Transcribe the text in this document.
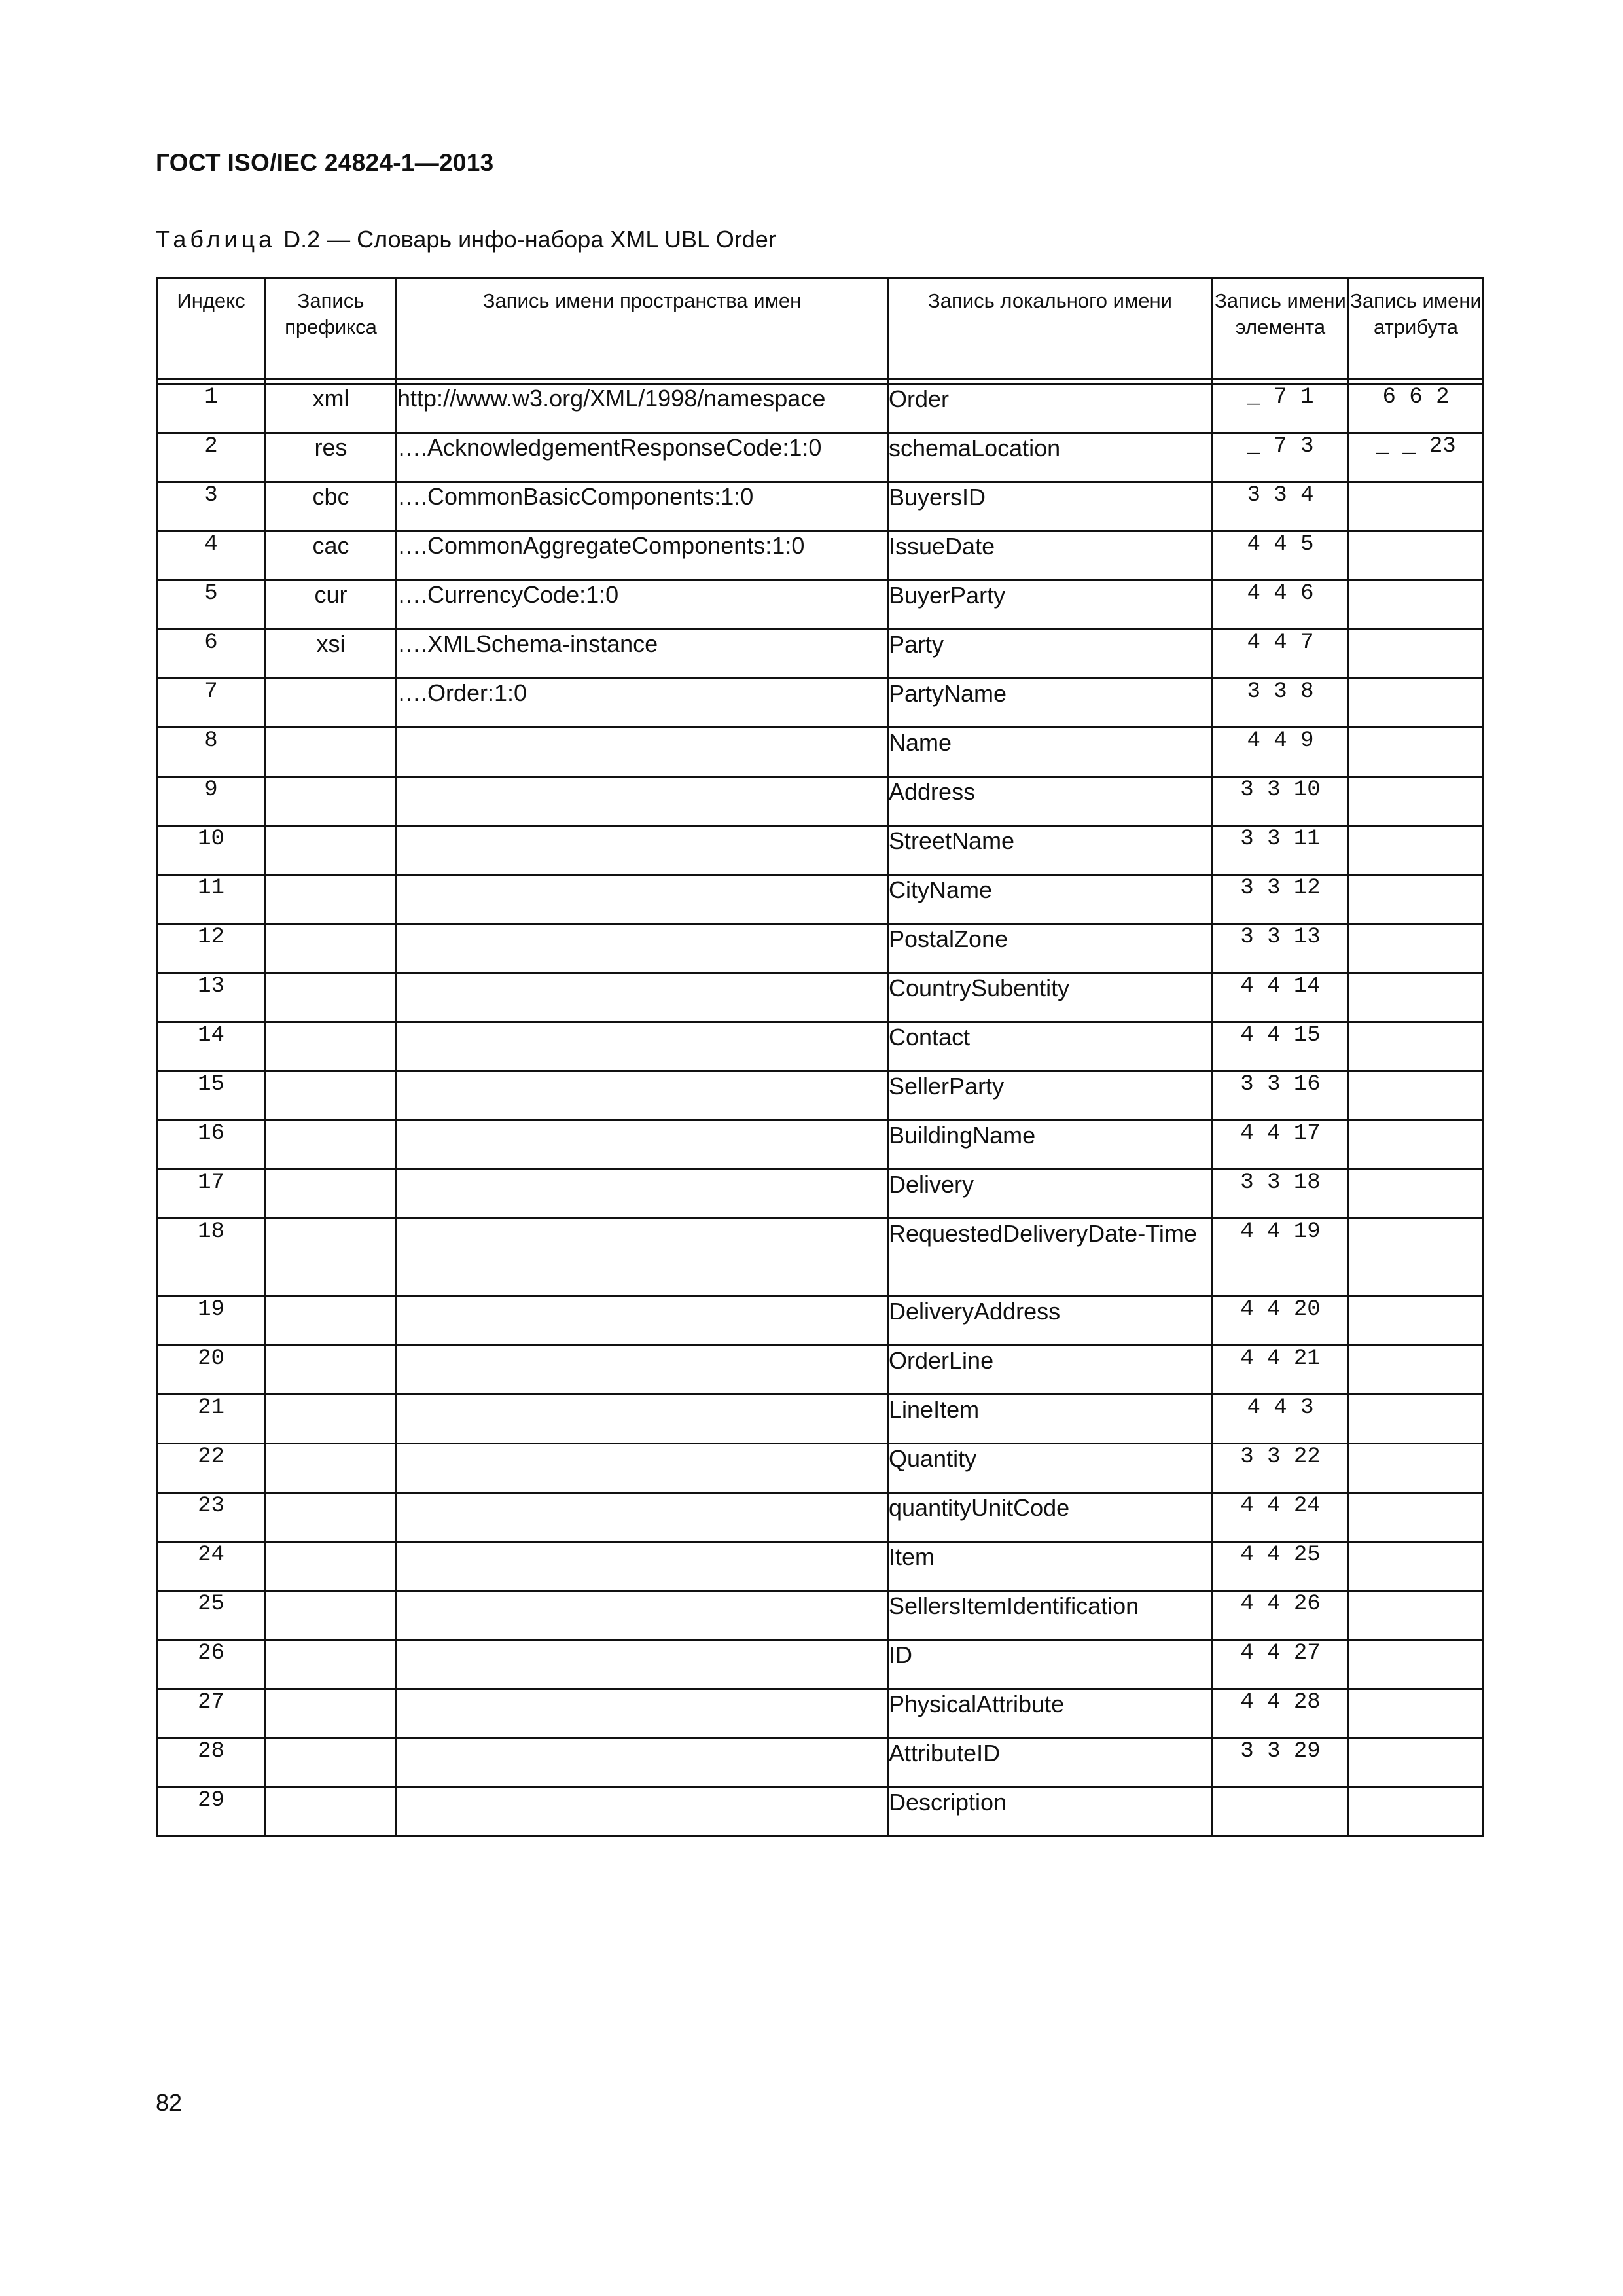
ГОСТ ISO/IEC 24824-1—2013
Таблица D.2 — Словарь инфо-набора XML UBL Order
Индекс	Запись префикса	Запись имени пространства имен	Запись локального имени	Запись имени элемента	Запись имени атрибута

1	xml	http://www.w3.org/XML/1998/namespace	Order	_ 7 1	6 6 2
2	res	….AcknowledgementResponseCode:1:0	schemaLocation	_ 7 3	_ _ 23
3	cbc	….CommonBasicComponents:1:0	BuyersID	3 3 4	
4	cac	….CommonAggregateComponents:1:0	IssueDate	4 4 5	
5	cur	….CurrencyCode:1:0	BuyerParty	4 4 6	
6	xsi	….XMLSchema-instance	Party	4 4 7	
7		….Order:1:0	PartyName	3 3 8	
8			Name	4 4 9	
9			Address	3 3 10	
10			StreetName	3 3 11	
11			CityName	3 3 12	
12			PostalZone	3 3 13	
13			CountrySubentity	4 4 14	
14			Contact	4 4 15	
15			SellerParty	3 3 16	
16			BuildingName	4 4 17	
17			Delivery	3 3 18	
18			RequestedDeliveryDate-Time	4 4 19	
19			DeliveryAddress	4 4 20	
20			OrderLine	4 4 21	
21			LineItem	4 4 3	
22			Quantity	3 3 22	
23			quantityUnitCode	4 4 24	
24			Item	4 4 25	
25			SellersItemIdentification	4 4 26	
26			ID	4 4 27	
27			PhysicalAttribute	4 4 28	
28			AttributeID	3 3 29	
29			Description		
82
